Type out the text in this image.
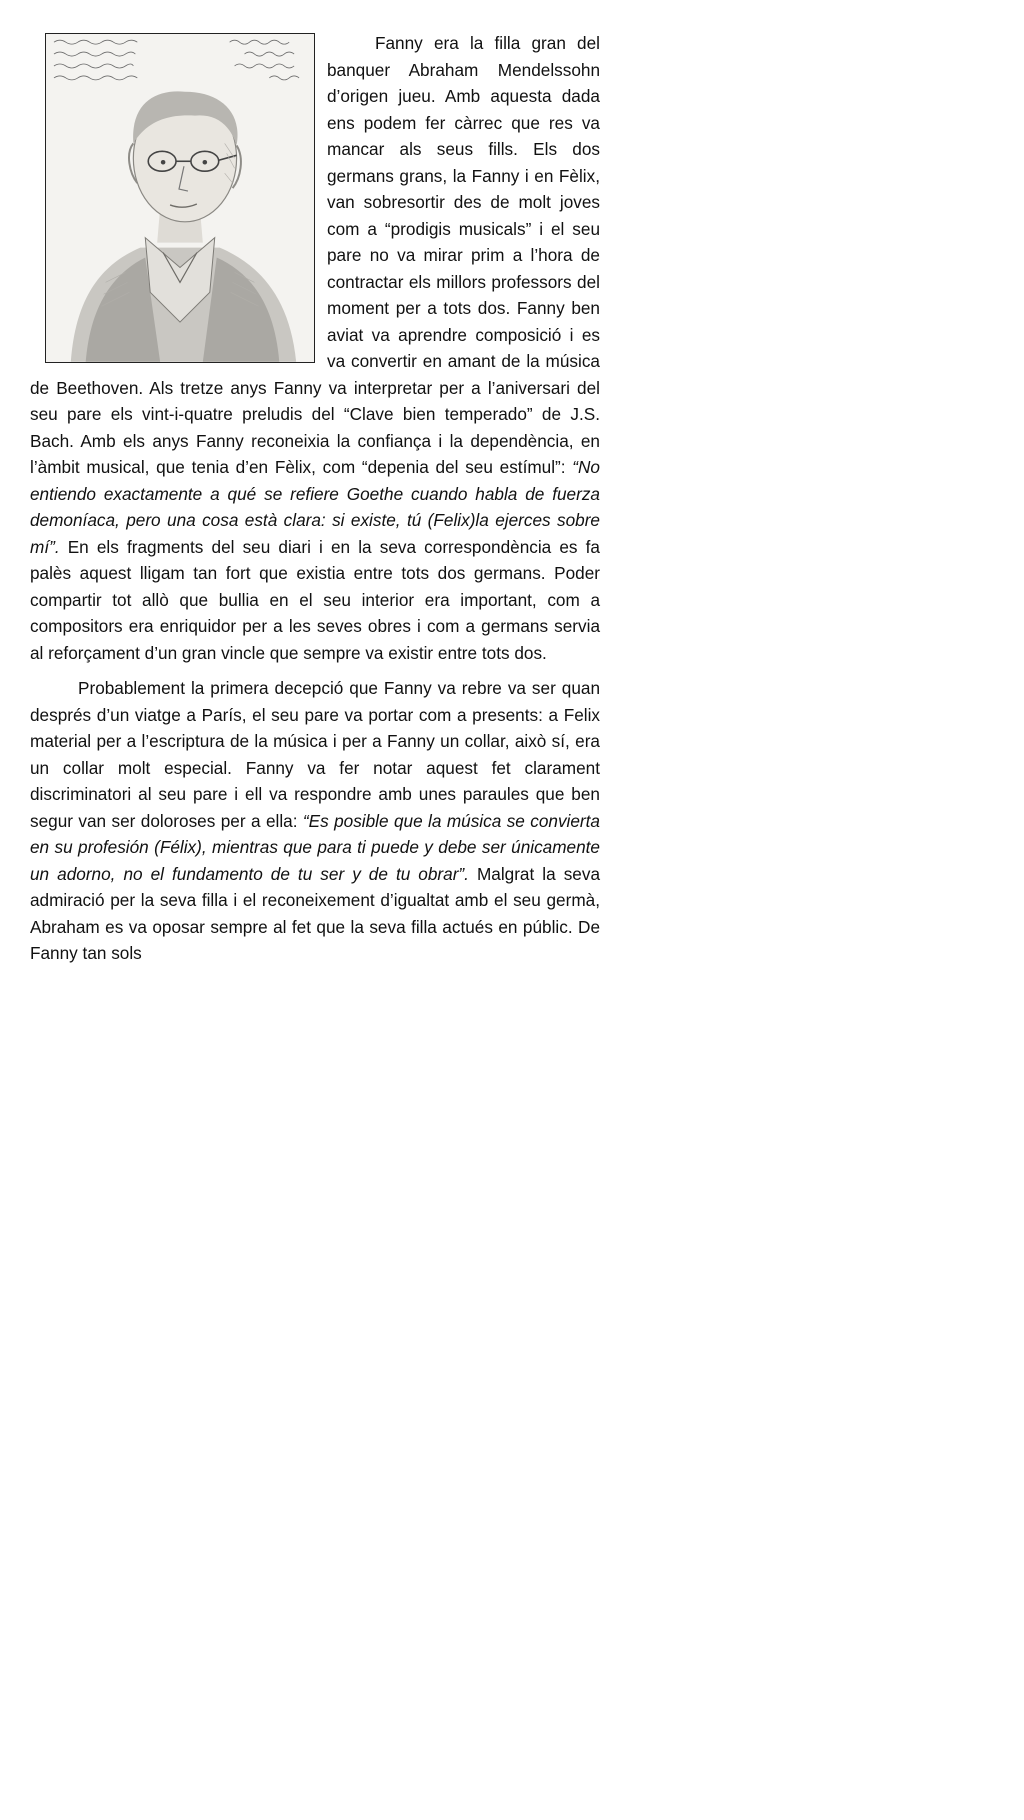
Fanny era la filla gran del banquer Abraham Mendelssohn d’origen jueu. Amb aquesta dada ens podem fer càrrec que res va mancar als seus fills. Els dos germans grans, la Fanny i en Fèlix, van sobresortir des de molt joves com a “prodigis musicals” i el seu pare no va mirar prim a l’hora de contractar els millors professors del moment per a tots dos. Fanny ben aviat va aprendre composició i es va convertir en amant de la música de Beethoven. Als tretze anys Fanny va interpretar per a l’aniversari del seu pare els vint-i-quatre preludis del “Clave bien temperado” de J.S. Bach. Amb els anys Fanny reconeixia la confiança i la dependència, en l’àmbit musical, que tenia d’en Fèlix, com “depenia del seu estímul”: “No entiendo exactamente a qué se refiere Goethe cuando habla de fuerza demoníaca, pero una cosa està clara: si existe, tú (Felix)la ejerces sobre mí”. En els fragments del seu diari i en la seva correspondència es fa palès aquest lligam tan fort que existia entre tots dos germans. Poder compartir tot allò que bullia en el seu interior era important, com a compositors era enriquidor per a les seves obres i com a germans servia al reforçament d’un gran vincle que sempre va existir entre tots dos.

Probablement la primera decepció que Fanny va rebre va ser quan després d’un viatge a París, el seu pare va portar com a presents: a Felix material per a l’escriptura de la música i per a Fanny un collar, això sí, era un collar molt especial. Fanny va fer notar aquest fet clarament discriminatori al seu pare i ell va respondre amb unes paraules que ben segur van ser doloroses per a ella: “Es posible que la música se convierta en su profesión (Félix), mientras que para ti puede y debe ser únicamente un adorno, no el fundamento de tu ser y de tu obrar”. Malgrat la seva admiració per la seva filla i el reconeixement d’igualtat amb el seu germà, Abraham es va oposar sempre al fet que la seva filla actués en públic. De Fanny tan sols
